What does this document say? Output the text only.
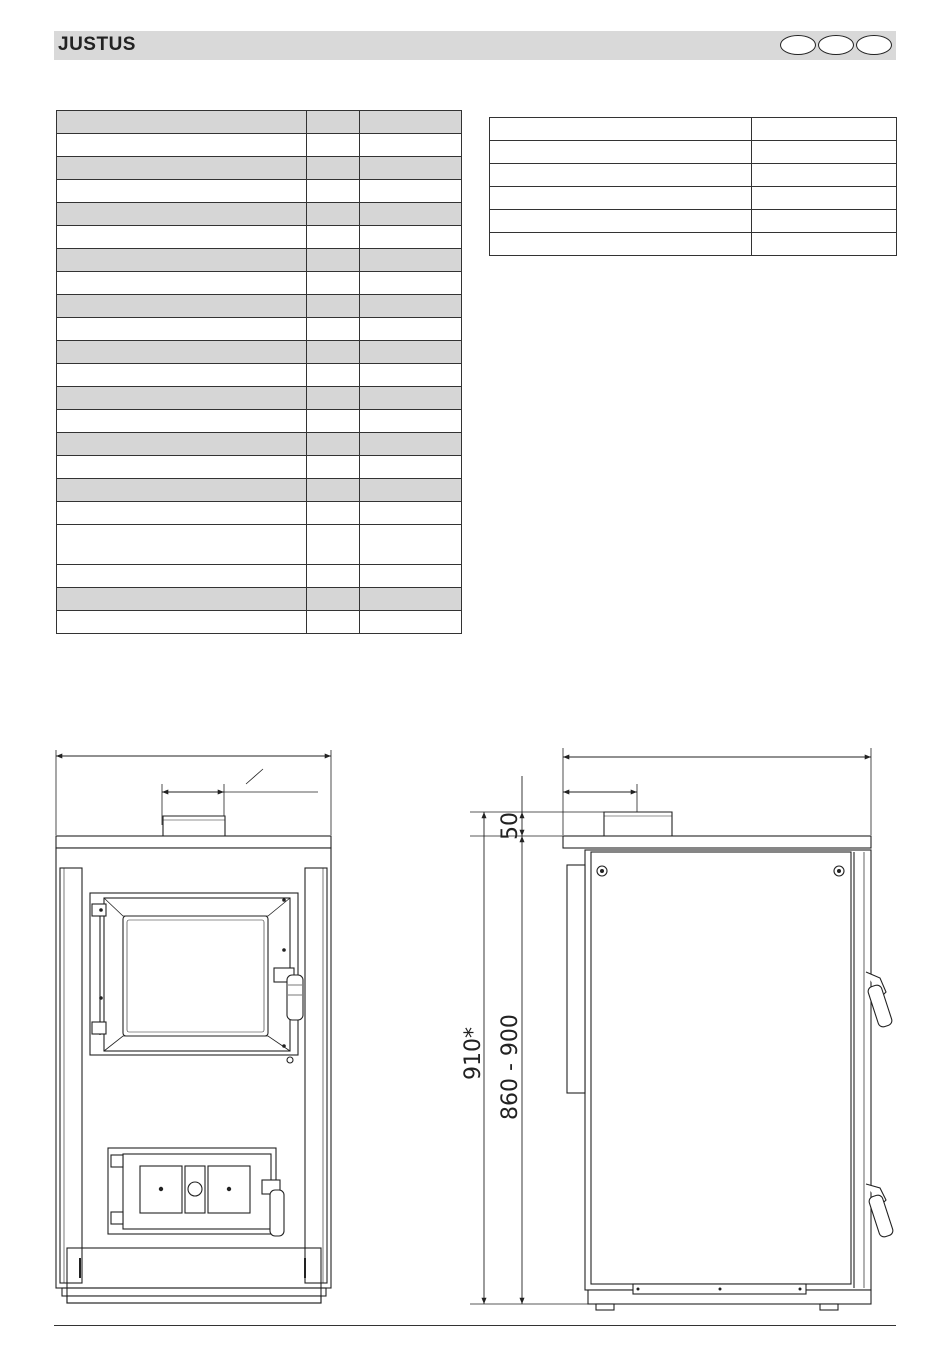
JUSTUS

50
910* 860 - 900
